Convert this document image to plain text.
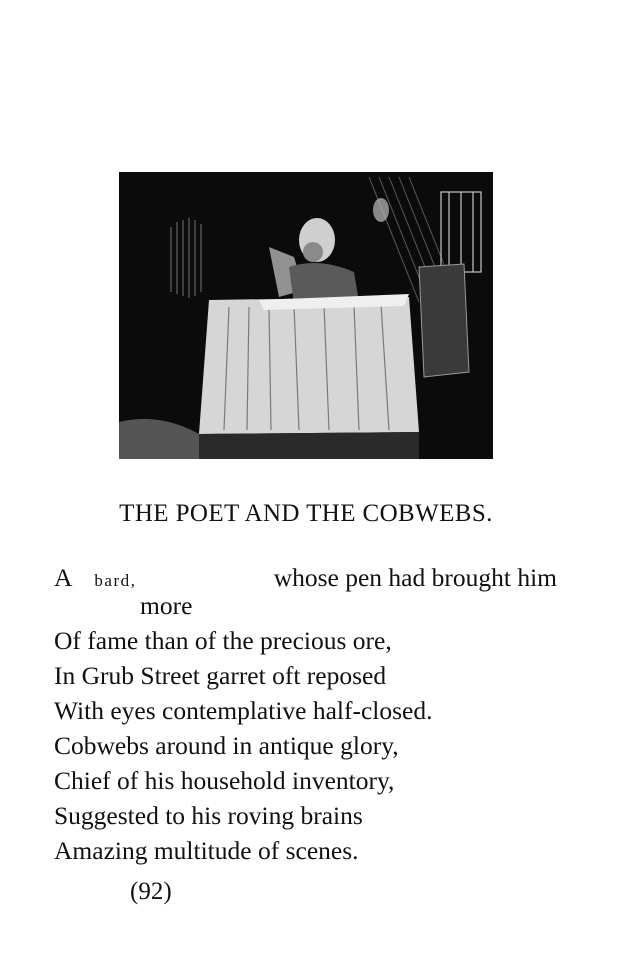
THE POET AND THE COBWEBS.
A bard,	whose pen had brought him
more
Of fame than of the precious ore,
In Grub Street garret oft reposed
With eyes contemplative half-closed.
Cobwebs around in antique glory,
Chief of his household inventory,
Suggested to his roving brains
Amazing multitude of scenes.
(92)
